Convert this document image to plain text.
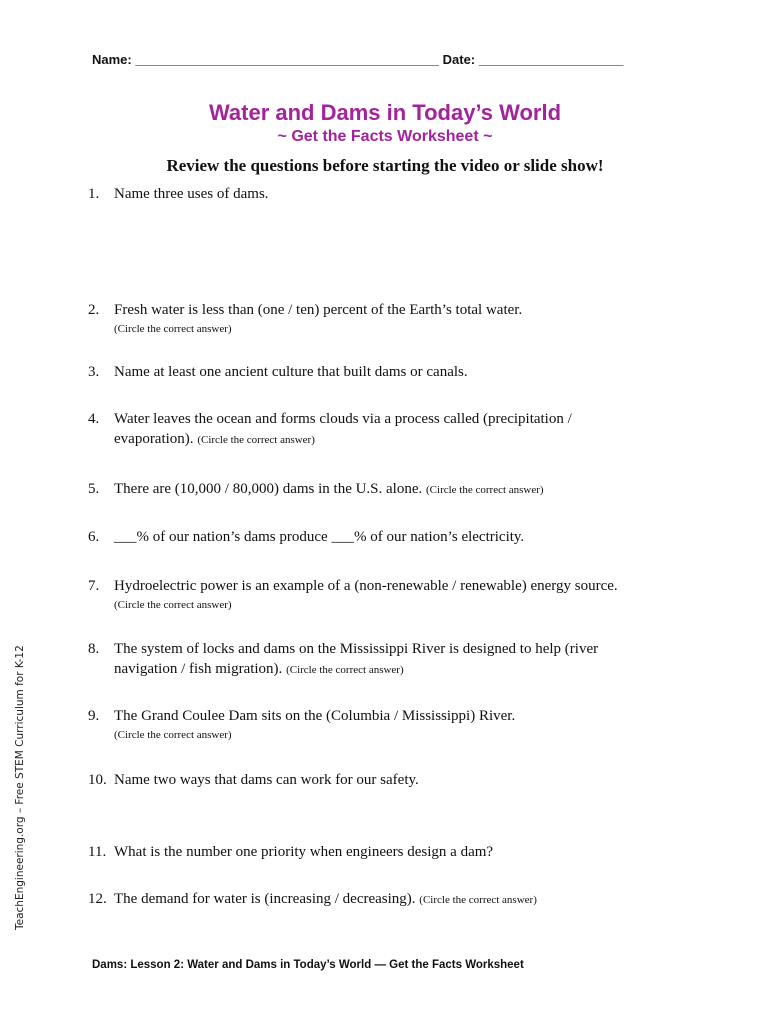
Name: __________________________________________ Date: ____________________
Water and Dams in Today’s World
~ Get the Facts Worksheet ~
Review the questions before starting the video or slide show!
1. Name three uses of dams.
2. Fresh water is less than (one / ten) percent of the Earth’s total water.
(Circle the correct answer)
3. Name at least one ancient culture that built dams or canals.
4. Water leaves the ocean and forms clouds via a process called (precipitation / evaporation). (Circle the correct answer)
5. There are (10,000 / 80,000) dams in the U.S. alone. (Circle the correct answer)
6. ___% of our nation’s dams produce ___% of our nation’s electricity.
7. Hydroelectric power is an example of a (non-renewable / renewable) energy source.
(Circle the correct answer)
8. The system of locks and dams on the Mississippi River is designed to help (river navigation / fish migration). (Circle the correct answer)
9. The Grand Coulee Dam sits on the (Columbia / Mississippi) River.
(Circle the correct answer)
10. Name two ways that dams can work for our safety.
11. What is the number one priority when engineers design a dam?
12. The demand for water is (increasing / decreasing). (Circle the correct answer)
TeachEngineering.org – Free STEM Curriculum for K-12
Dams: Lesson 2: Water and Dams in Today’s World — Get the Facts Worksheet
